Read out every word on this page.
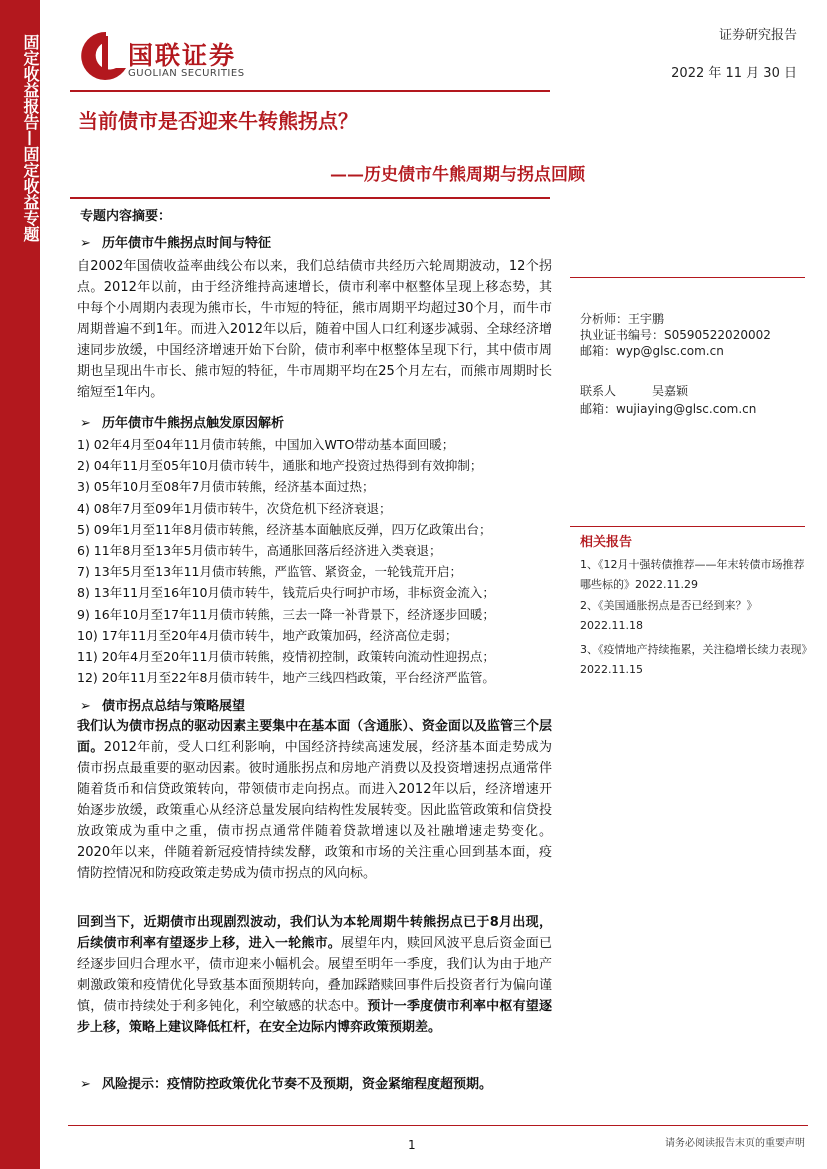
固定收益报告—固定收益专题	国联证券
GUOLIAN SECURITIES
证券研究报告
2022 年 11 月 30 日
当前债市是否迎来牛转熊拐点？
——历史债市牛熊周期与拐点回顾
专题内容摘要：
➢ 历年债市牛熊拐点时间与特征
自2002年国债收益率曲线公布以来，我们总结债市共经历六轮周期波动，12个拐点。2012年以前，由于经济维持高速增长，债市利率中枢整体呈现上移态势，其中每个小周期内表现为熊市长，牛市短的特征，熊市周期平均超过30个月，而牛市周期普遍不到1年。而进入2012年以后，随着中国人口红利逐步减弱、全球经济增速同步放缓，中国经济增速开始下台阶，债市利率中枢整体呈现下行，其中债市周期也呈现出牛市长、熊市短的特征，牛市周期平均在25个月左右，而熊市周期时长缩短至1年内。
➢ 历年债市牛熊拐点触发原因解析
1) 02年4月至04年11月债市转熊，中国加入WTO带动基本面回暖；
2) 04年11月至05年10月债市转牛，通胀和地产投资过热得到有效抑制；
3) 05年10月至08年7月债市转熊，经济基本面过热；
4) 08年7月至09年1月债市转牛，次贷危机下经济衰退；
5) 09年1月至11年8月债市转熊，经济基本面触底反弹，四万亿政策出台；
6) 11年8月至13年5月债市转牛，高通胀回落后经济进入类衰退；
7) 13年5月至13年11月债市转熊，严监管、紧资金，一轮钱荒开启；
8) 13年11月至16年10月债市转牛，钱荒后央行呵护市场，非标资金流入；
9) 16年10月至17年11月债市转熊，三去一降一补背景下，经济逐步回暖；
10) 17年11月至20年4月债市转牛，地产政策加码，经济高位走弱；
11) 20年4月至20年11月债市转熊，疫情初控制，政策转向流动性迎拐点；
12) 20年11月至22年8月债市转牛，地产三线四档政策，平台经济严监管。
➢ 债市拐点总结与策略展望
我们认为债市拐点的驱动因素主要集中在基本面（含通胀）、资金面以及监管三个层面。2012年前，受人口红利影响，中国经济持续高速发展，经济基本面走势成为债市拐点最重要的驱动因素。彼时通胀拐点和房地产消费以及投资增速拐点通常伴随着货币和信贷政策转向，带领债市走向拐点。而进入2012年以后，经济增速开始逐步放缓，政策重心从经济总量发展向结构性发展转变。因此监管政策和信贷投放政策成为重中之重，债市拐点通常伴随着贷款增速以及社融增速走势变化。2020年以来，伴随着新冠疫情持续发酵，政策和市场的关注重心回到基本面，疫情防控情况和防疫政策走势成为债市拐点的风向标。
回到当下，近期债市出现剧烈波动，我们认为本轮周期牛转熊拐点已于8月出现，后续债市利率有望逐步上移，进入一轮熊市。展望年内，赎回风波平息后资金面已经逐步回归合理水平，债市迎来小幅机会。展望至明年一季度，我们认为由于地产刺激政策和疫情优化导致基本面预期转向，叠加踩踏赎回事件后投资者行为偏向谨慎，债市持续处于利多钝化，利空敏感的状态中。预计一季度债市利率中枢有望逐步上移，策略上建议降低杠杆，在安全边际内博弈政策预期差。
➢ 风险提示：疫情防控政策优化节奏不及预期，资金紧缩程度超预期。
分析师：王宇鹏
执业证书编号：S0590522020002
邮箱：wyp@glsc.com.cn
联系人　　　吴嘉颖
邮箱：wujiaying@glsc.com.cn
相关报告
1、《12月十强转债推荐——年末转债市场推荐哪些标的》2022.11.29
2、《美国通胀拐点是否已经到来？》2022.11.18
3、《疫情地产持续拖累，关注稳增长续力表现》2022.11.15
1	请务必阅读报告末页的重要声明
